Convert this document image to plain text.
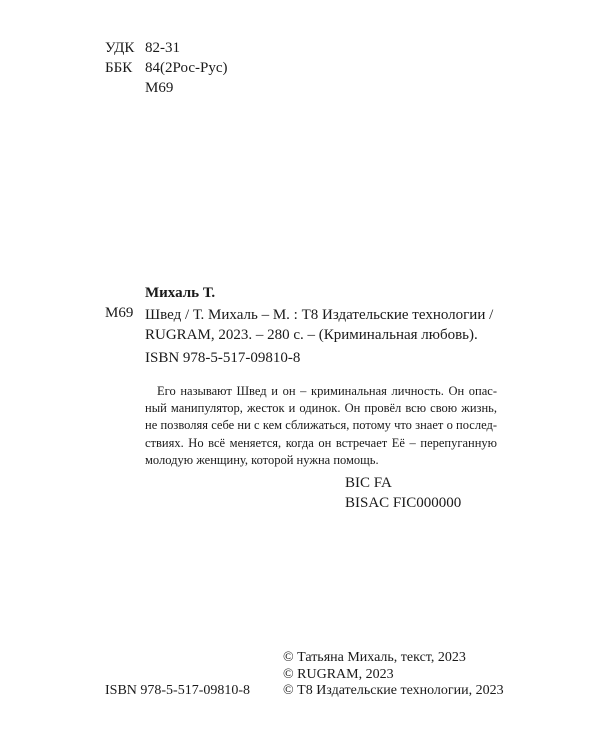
УДК 82-31
ББК 84(2Рос-Рус)
М69
Михаль Т.
М69 Швед / Т. Михаль – М. : Т8 Издательские технологии /
RUGRAM, 2023. – 280 с. – (Криминальная любовь).
ISBN 978-5-517-09810-8
Его называют Швед и он – криминальная личность. Он опас-
ный манипулятор, жесток и одинок. Он провёл всю свою жизнь,
не позволяя себе ни с кем сближаться, потому что знает о послед-
ствиях. Но всё меняется, когда он встречает Её – перепуганную
молодую женщину, которой нужна помощь.
BIC FA
BISAC FIC000000
© Татьяна Михаль, текст, 2023
© RUGRAM, 2023
© Т8 Издательские технологии, 2023
ISBN 978-5-517-09810-8
